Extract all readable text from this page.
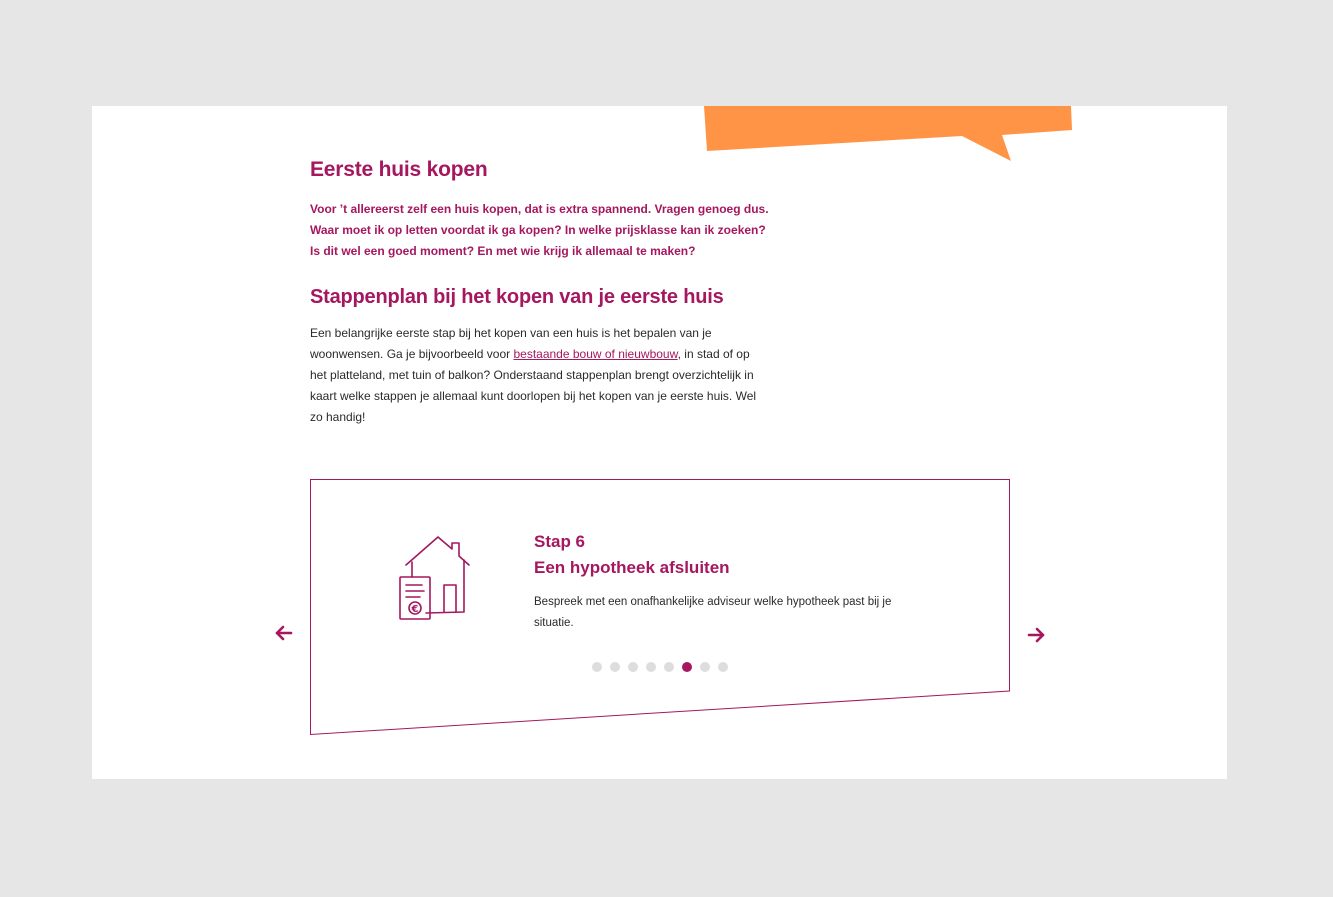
Eerste huis kopen

Voor ’t allereerst zelf een huis kopen, dat is extra spannend. Vragen genoeg dus. Waar moet ik op letten voordat ik ga kopen? In welke prijsklasse kan ik zoeken? Is dit wel een goed moment? En met wie krijg ik allemaal te maken?

Stappenplan bij het kopen van je eerste huis

Een belangrijke eerste stap bij het kopen van een huis is het bepalen van je woonwensen. Ga je bijvoorbeeld voor bestaande bouw of nieuwbouw, in stad of op het platteland, met tuin of balkon? Onderstaand stappenplan brengt overzichtelijk in kaart welke stappen je allemaal kunt doorlopen bij het kopen van je eerste huis. Wel zo handig!

€
Stap 6
Een hypotheek afsluiten
Bespreek met een onafhankelijke adviseur welke hypotheek past bij je situatie.
